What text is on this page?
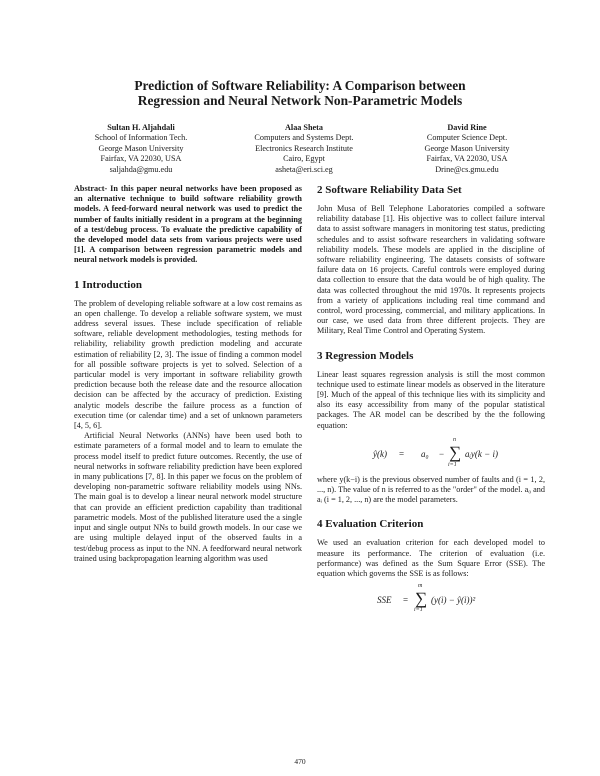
Prediction of Software Reliability: A Comparison between
Regression and Neural Network Non-Parametric Models
Sultan H. Aljahdali
School of Information Tech.
George Mason University
Fairfax, VA 22030, USA
saljahda@gmu.edu
Alaa Sheta
Computers and Systems Dept.
Electronics Research Institute
Cairo, Egypt
asheta@eri.sci.eg
David Rine
Computer Science Dept.
George Mason University
Fairfax, VA 22030, USA
Drine@cs.gmu.edu
Abstract- In this paper neural networks have been proposed as an alternative technique to build software reliability growth models. A feed-forward neural network was used to predict the number of faults initially resident in a program at the beginning of a test/debug process. To evaluate the predictive capability of the developed model data sets from various projects were used [1]. A comparison between regression parametric models and neural network models is provided.
1 Introduction
The problem of developing reliable software at a low cost remains as an open challenge. To develop a reliable software system, we must address several issues. These include specification of reliable software, reliable development methodologies, testing methods for reliability, reliability growth prediction modeling and accurate estimation of reliability [2, 3]. The issue of finding a common model for all possible software projects is yet to solved. Selection of a particular model is very important in software reliability growth prediction because both the release date and the resource allocation decision can be affected by the accuracy of prediction. Existing analytic models describe the failure process as a function of execution time (or calendar time) and a set of unknown parameters [4, 5, 6].
Artificial Neural Networks (ANNs) have been used both to estimate parameters of a formal model and to learn to emulate the process model itself to predict future outcomes. Recently, the use of neural networks in software reliability prediction have been explored in many publications [7, 8]. In this paper we focus on the problem of developing non-parametric software reliability models using NNs. The main goal is to develop a linear neural network model structure that can provide an efficient prediction capability than traditional parametric models. Most of the published literature used the a single input and single output NNs to build growth models. In our case we are using multiple delayed input of the observed faults in a test/debug process as input to the NN. A feedforward neural network trained using backpropagation learning algorithm was used
2 Software Reliability Data Set
John Musa of Bell Telephone Laboratories compiled a software reliability database [1]. His objective was to collect failure interval data to assist software managers in monitoring test status, predicting schedules and to assist software researchers in validating software reliability models. These models are applied in the discipline of software reliability engineering. The datasets consists of software failure data on 16 projects. Careful controls were employed during data collection to ensure that the data would be of high quality. The data was collected throughout the mid 1970s. It represents projects from a variety of applications including real time command and control, word processing, commercial, and military applications. In our case, we used data from three different projects. They are Military, Real Time Control and Operating System.
3 Regression Models
Linear least squares regression analysis is still the most common technique used to estimate linear models as observed in the literature [9]. Much of the appeal of this technique lies with its simplicity and also its easy accessibility from many of the popular statistical packages. The AR model can be described by the the following equation:
ŷ(k) = a₀ −
n
∑
i=1
aᵢy(k − i)
where y(k−i) is the previous observed number of faults and (i = 1, 2, ..., n). The value of n is referred to as the "order" of the model. a₀ and aᵢ (i = 1, 2, ..., n) are the model parameters.
4 Evaluation Criterion
We used an evaluation criterion for each developed model to measure its performance. The criterion of evaluation (i.e. performance) was defined as the Sum Square Error (SSE). The equation which governs the SSE is as follows:
SSE =
m
∑
i=1
(y(i) − ŷ(i))²
470
